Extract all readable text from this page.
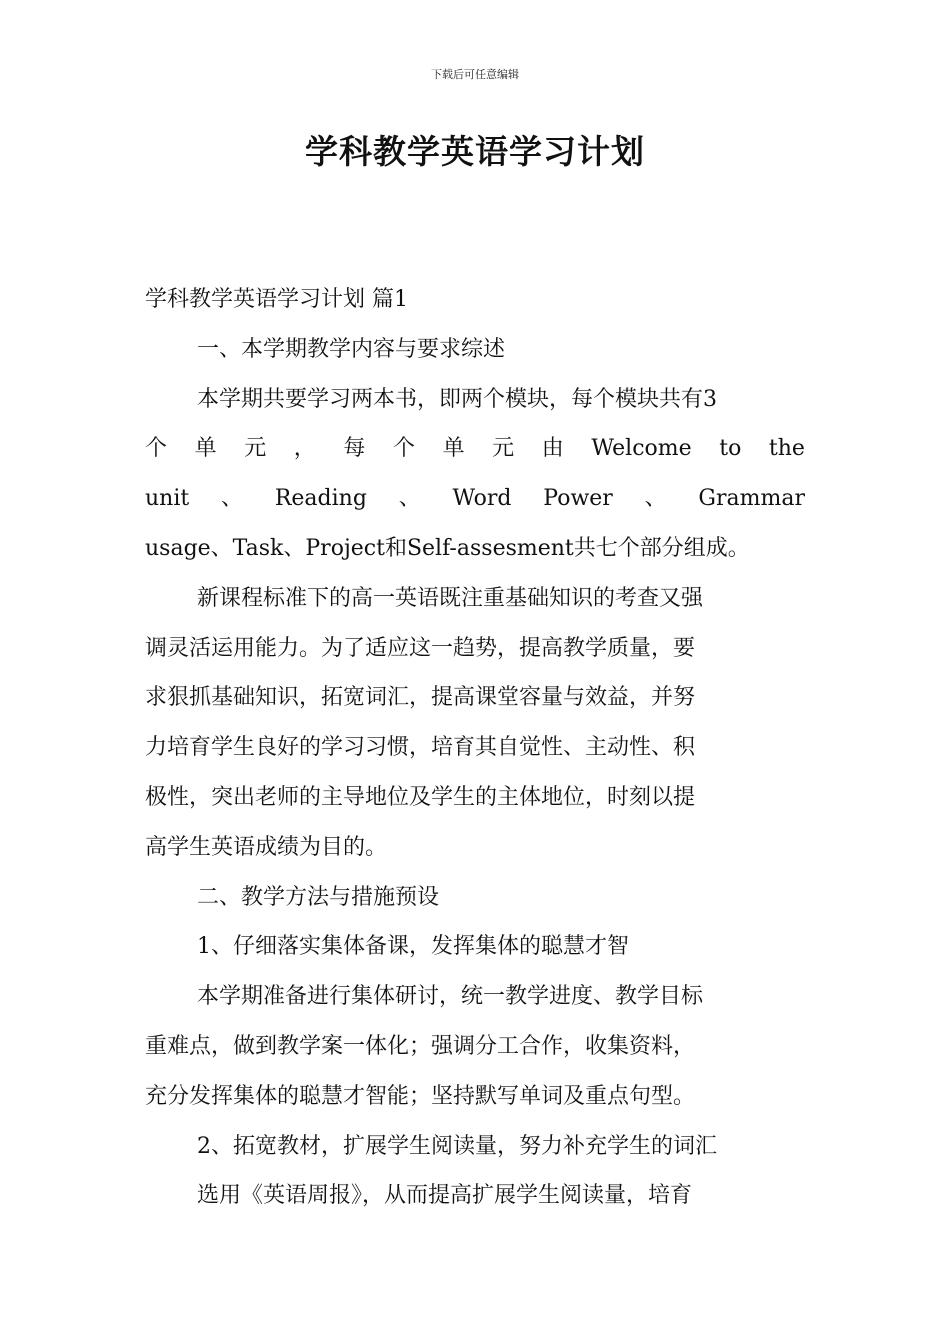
下载后可任意编辑
学科教学英语学习计划
学科教学英语学习计划 篇1
一、本学期教学内容与要求综述
本学期共要学习两本书，即两个模块，每个模块共有3
个 单 元 ， 每 个 单 元 由 Welcome to the
unit 、 Reading 、 Word Power 、 Grammar
usage、Task、Project和Self-assesment共七个部分组成。
新课程标准下的高一英语既注重基础知识的考查又强
调灵活运用能力。为了适应这一趋势，提高教学质量，要
求狠抓基础知识，拓宽词汇，提高课堂容量与效益，并努
力培育学生良好的学习习惯，培育其自觉性、主动性、积
极性，突出老师的主导地位及学生的主体地位，时刻以提
高学生英语成绩为目的。
二、教学方法与措施预设
1、仔细落实集体备课，发挥集体的聪慧才智
本学期准备进行集体研讨，统一教学进度、教学目标
重难点，做到教学案一体化；强调分工合作，收集资料，
充分发挥集体的聪慧才智能；坚持默写单词及重点句型。
2、拓宽教材，扩展学生阅读量，努力补充学生的词汇
选用《英语周报》，从而提高扩展学生阅读量，培育
